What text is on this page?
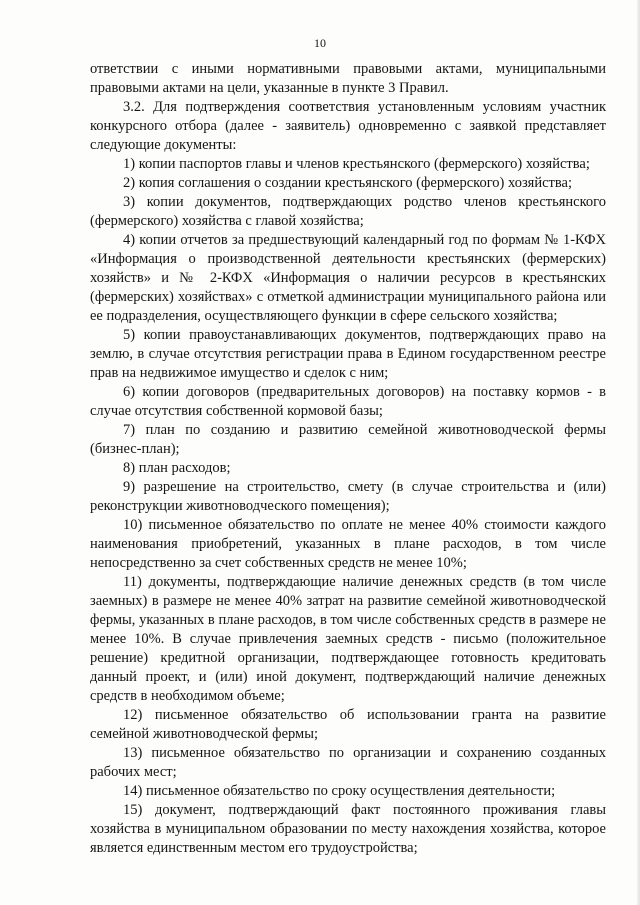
10

ответствии с иными нормативными правовыми актами, муниципальными правовыми актами на цели, указанные в пункте 3 Правил.

3.2. Для подтверждения соответствия установленным условиям участник конкурсного отбора (далее - заявитель) одновременно с заявкой представляет следующие документы:

1) копии паспортов главы и членов крестьянского (фермерского) хозяйства;

2) копия соглашения о создании крестьянского (фермерского) хозяйства;

3) копии документов, подтверждающих родство членов крестьянского (фермерского) хозяйства с главой хозяйства;

4) копии отчетов за предшествующий календарный год по формам № 1-КФХ «Информация о производственной деятельности крестьянских (фермерских) хозяйств» и № 2-КФХ «Информация о наличии ресурсов в крестьянских (фермерских) хозяйствах» с отметкой администрации муниципального района или ее подразделения, осуществляющего функции в сфере сельского хозяйства;

5) копии правоустанавливающих документов, подтверждающих право на землю, в случае отсутствия регистрации права в Едином государственном реестре прав на недвижимое имущество и сделок с ним;

6) копии договоров (предварительных договоров) на поставку кормов - в случае отсутствия собственной кормовой базы;

7) план по созданию и развитию семейной животноводческой фермы (бизнес-план);

8) план расходов;

9) разрешение на строительство, смету (в случае строительства и (или) реконструкции животноводческого помещения);

10) письменное обязательство по оплате не менее 40% стоимости каждого наименования приобретений, указанных в плане расходов, в том числе непосредственно за счет собственных средств не менее 10%;

11) документы, подтверждающие наличие денежных средств (в том числе заемных) в размере не менее 40% затрат на развитие семейной животноводческой фермы, указанных в плане расходов, в том числе собственных средств в размере не менее 10%. В случае привлечения заемных средств - письмо (положительное решение) кредитной организации, подтверждающее готовность кредитовать данный проект, и (или) иной документ, подтверждающий наличие денежных средств в необходимом объеме;

12) письменное обязательство об использовании гранта на развитие семейной животноводческой фермы;

13) письменное обязательство по организации и сохранению созданных рабочих мест;

14) письменное обязательство по сроку осуществления деятельности;

15) документ, подтверждающий факт постоянного проживания главы хозяйства в муниципальном образовании по месту нахождения хозяйства, которое является единственным местом его трудоустройства;
